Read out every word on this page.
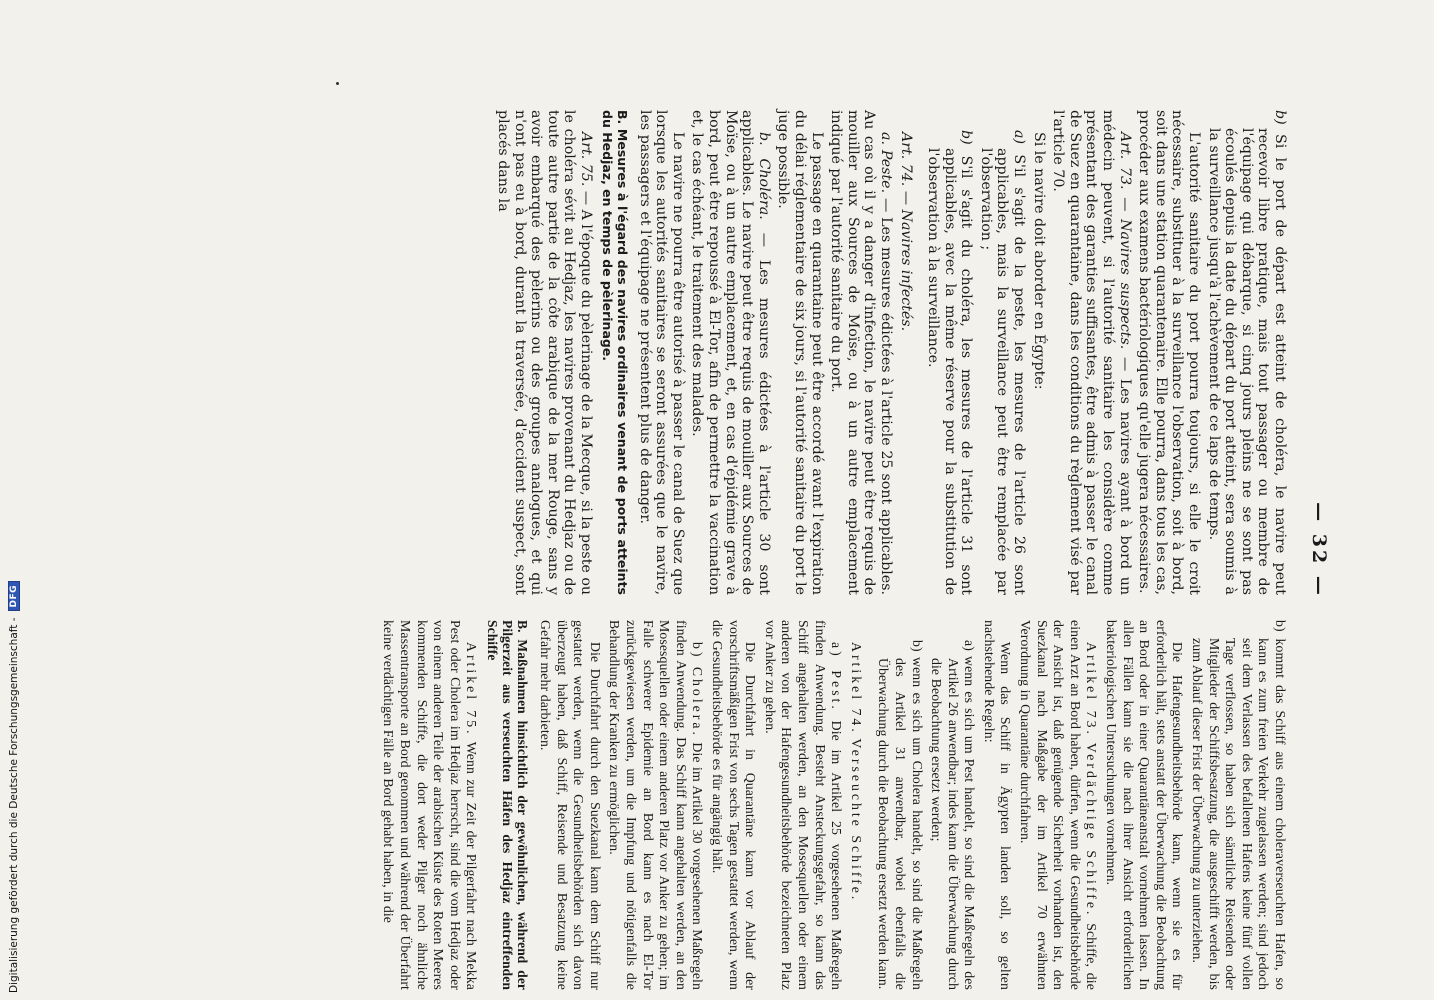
— 32 —

b) Si le port de départ est atteint de choléra, le navire peut recevoir libre pratique, mais tout passager ou membre de l'équipage qui débarque, si cinq jours pleins ne se sont pas écoulés depuis la date du départ du port atteint, sera soumis à la surveillance jusqu'à l'achèvement de ce laps de temps.

L'autorité sanitaire du port pourra toujours, si elle le croit nécessaire, substituer à la surveillance l'observation, soit à bord, soit dans une station quarantenaire. Elle pourra, dans tous les cas, procéder aux examens bactériologiques qu'elle jugera nécessaires.

Art. 73. — Navires suspects. — Les navires ayant à bord un médecin peuvent, si l'autorité sanitaire les considère comme présentant des garanties suffisantes, être admis à passer le canal de Suez en quarantaine, dans les conditions du règlement visé par l'article 70.

Si le navire doit aborder en Égypte:

a) S'il s'agit de la peste, les mesures de l'article 26 sont applicables, mais la surveillance peut être remplacée par l'observation ;

b) S'il s'agit du choléra, les mesures de l'article 31 sont applicables, avec la même réserve pour la substitution de l'observation à la surveillance.

Art. 74. — Navires infectés.

a. Peste. — Les mesures édictées à l'article 25 sont applicables. Au cas où il y a danger d'infection, le navire peut être requis de mouiller aux Sources de Moïse, ou à un autre emplacement indiqué par l'autorité sanitaire du port.

Le passage en quarantaine peut être accordé avant l'expiration du délai réglementaire de six jours, si l'autorité sanitaire du port le juge possible.

b. Choléra. — Les mesures édictées à l'article 30 sont applicables. Le navire peut être requis de mouiller aux Sources de Moïse, ou à un autre emplacement, et, en cas d'épidémie grave à bord, peut être repoussé à El-Tor, afin de permettre la vaccination et, le cas échéant, le traitement des malades.

Le navire ne pourra être autorisé à passer le canal de Suez que lorsque les autorités sanitaires se seront assurées que le navire, les passagers et l'équipage ne présentent plus de danger.

B. Mesures à l'égard des navires ordinaires venant de ports atteints du Hedjaz, en temps de pèlerinage.

Art. 75. — A l'époque du pèlerinage de la Mecque, si la peste ou le choléra sévit au Hedjaz, les navires provenant du Hedjaz ou de toute autre partie de la côte arabique de la mer Rouge, sans y avoir embarqué des pèlerins ou des groupes analogues, et qui n'ont pas eu à bord, durant la traversée, d'accident suspect, sont placés dans la

b) kommt das Schiff aus einem choleraverseuchten Hafen, so kann es zum freien Verkehr zugelassen werden; sind jedoch seit dem Verlassen des befallenen Hafens keine fünf vollen Tage verflossen, so haben sich sämtliche Reisenden oder Mitglieder der Schiffsbesatzung, die ausgeschifft werden, bis zum Ablauf dieser Frist der Überwachung zu unterziehen.

Die Hafengesundheitsbehörde kann, wenn sie es für erforderlich hält, stets anstatt der Überwachung die Beobachtung an Bord oder in einer Quarantäneanstalt vornehmen lassen. In allen Fällen kann sie die nach ihrer Ansicht erforderlichen bakteriologischen Untersuchungen vornehmen.

Artikel 73. Verdächtige Schiffe. Schiffe, die einen Arzt an Bord haben, dürfen, wenn die Gesundheitsbehörde der Ansicht ist, daß genügende Sicherheit vorhanden ist, den Suezkanal nach Maßgabe der im Artikel 70 erwähnten Verordnung in Quarantäne durchfahren.

Wenn das Schiff in Ägypten landen soll, so gelten nachstehende Regeln:

a) wenn es sich um Pest handelt, so sind die Maßregeln des Artikel 26 anwendbar; indes kann die Überwachung durch die Beobachtung ersetzt werden;

b) wenn es sich um Cholera handelt, so sind die Maßregeln des Artikel 31 anwendbar, wobei ebenfalls die Überwachung durch die Beobachtung ersetzt werden kann.

Artikel 74. Verseuchte Schiffe.

a) Pest. Die im Artikel 25 vorgesehenen Maßregeln finden Anwendung. Besteht Ansteckungsgefahr, so kann das Schiff angehalten werden, an den Mosesquellen oder einem anderen von der Hafengesundheitsbehörde bezeichneten Platz vor Anker zu gehen.

Die Durchfahrt in Quarantäne kann vor Ablauf der vorschriftsmäßigen Frist von sechs Tagen gestattet werden, wenn die Gesundheitsbehörde es für angängig hält.

b) Cholera. Die im Artikel 30 vorgesehenen Maßregeln finden Anwendung. Das Schiff kann angehalten werden, an den Mosesquellen oder einem anderen Platz vor Anker zu gehen; im Falle schwerer Epidemie an Bord kann es nach El-Tor zurückgewiesen werden, um die Impfung und nötigenfalls die Behandlung der Kranken zu ermöglichen.

Die Durchfahrt durch den Suezkanal kann dem Schiff nur gestattet werden, wenn die Gesundheitsbehörden sich davon überzeugt haben, daß Schiff, Reisende und Besatzung keine Gefahr mehr darbieten.

B. Maßnahmen hinsichtlich der gewöhnlichen, während der Pilgerzeit aus verseuchten Häfen des Hedjaz eintreffenden Schiffe

Artikel 75. Wenn zur Zeit der Pilgerfahrt nach Mekka Pest oder Cholera im Hedjaz herrscht, sind die vom Hedjaz oder von einem anderen Teile der arabischen Küste des Roten Meeres kommenden Schiffe, die dort weder Pilger noch ähnliche Massentransporte an Bord genommen und während der Überfahrt keine verdächtigen Fälle an Bord gehabt haben, in die

Digitalisierung gefördert durch die Deutsche Forschungsgemeinschaft -
DFG
